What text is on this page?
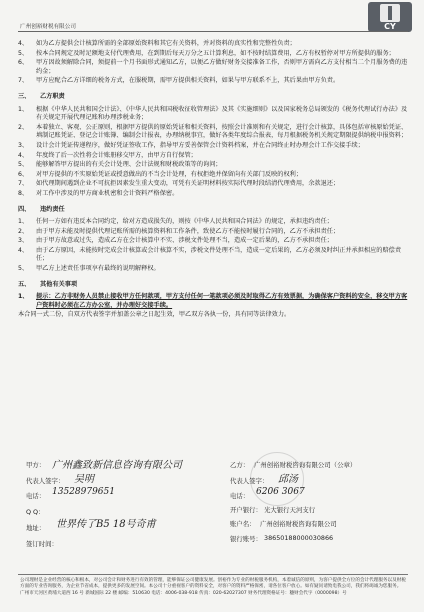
广州创裕财税有限公司	CY
4、 如为乙方提供会计核算所需的全部原始资料和其它有关资料，并对资料的真实性和完整性负责；
5、 按本合同规定及时足额地支付代理费用，在到期后每天万分之五计算利息，如不按时结算费用，乙方有权暂停对甲方所提供的服务；
6、 甲方因故须解除合同，须提前一个月书面形式通知乙方，以便乙方做好财务交接准备工作，否则甲方需向乙方支付相当二个月服务费的违约金；
7、 甲方应配合乙方详细的税务方式，在服税期，需甲方提供相关资料，如果与甲方联系不上，其后果由甲方负责。
三、 乙方职责
1、 根据《中华人民共和国会计法》、《中华人民共和国税收征收管理法》及其《实施细则》以及国家税务总局颁发的《税务代理试行办法》及有关规定开展代理记账和办理涉税业务；
2、 本着独立、客观、公正原则，根据甲方提供的原始凭证和相关资料，按照会计准则和有关规定，进行会计核算，具体包括审核原始凭证、填制记账凭证、登记会计账簿、编制会计报表，办理纳税事宜，做好各类年度综合报表，每月根据税务机关规定期限提供纳税申报资料；
3、 设计会计凭证传递程序，做好凭证签收工作，指导甲方妥善保管会计资料档案，并在合同终止时办理会计工作交接手续；
4、 年度终了后一次性将会计账册移交甲方，由甲方自行保管；
5、 能够解答甲方提出的有关会计处理、会计法规和财税政策等的询问；
6、 对甲方提供的不实原始凭证或授意做出的不当会计处理，有权拒绝并保留向有关部门反映的权利；
7、 如代理期间遇到企业不可抗拒因素发生重大变动，可凭有关证明材料按实际代理时段结清代理费用，余款退还；
8、 对工作中涉及的甲方商业机密和会计资料严格保密。
四、 违约责任
1、 任何一方如有违反本合同约定，给对方造成损失的，则按《中华人民共和国合同法》的规定，承担违约责任；
2、 由于甲方未能及时提供代理记账所需的核算资料和工作条件，致使乙方不能按时履行合同的，乙方不承担责任；
3、 由于甲方故意或过失，造成乙方在会计核算中不实、涉税文件处理不当，造成一定后果的，乙方不承担责任；
4、 由于乙方原因，未能按时完成会计核算或会计核算不实，涉税文件处理不当，造成一定后果的，乙方必须及时纠正并承担相应的赔偿责任；
5、 甲乙方上述责任事项享有最终的说明解释权。
五、 其他有关事项
1、 提示：乙方非财务人员禁止接收甲方任何款项，甲方支付任何一笔款项必须及时取得乙方有效票据，为确保客户资料的安全，移交甲方客户资料时必须在乙方办公室，并办理好交接手续。
本合同一式二份，自双方代表签字并加盖公章之日起生效，甲乙双方各执一份，具有同等法律效力。
甲方： 广州鑫致新信息咨询有限公司
代表人签字： 吴明
电话： 13528979651
Q Q：
地址： 世界传了B5 18号奇甫
签订时间：
乙方： 广州创裕财税咨询有限公司（公章）
代表人签字： 邱汤
电话： 6206 3067
开户银行： 光大银行天河支行
账户名： 广州创裕财税咨询有限公司
银行账号： 38650188000030866
公司理财是企业经营的核心和根本，对公司会计和财务进行有效的管理，能够保证公司健康发展。创裕作为专业的财税服务机构，本着诚信的原则，为客户提供全方位的会计代理服务以及财税方面的专业咨询服务，为企业节省成本，提供更多的发展空间。本公司十分重视客户的资料安全，对客户的资料严格保密，请各位客户放心。如有疑问请致电我公司，我们将竭诚为您服务。
广州市天河区黄埔大道西 16 号 新城国际 22 楼 邮编：510630 电话：4006-038-918 传真：020-62027307 财务代理资格证号：穗财会代字（0000098）号
